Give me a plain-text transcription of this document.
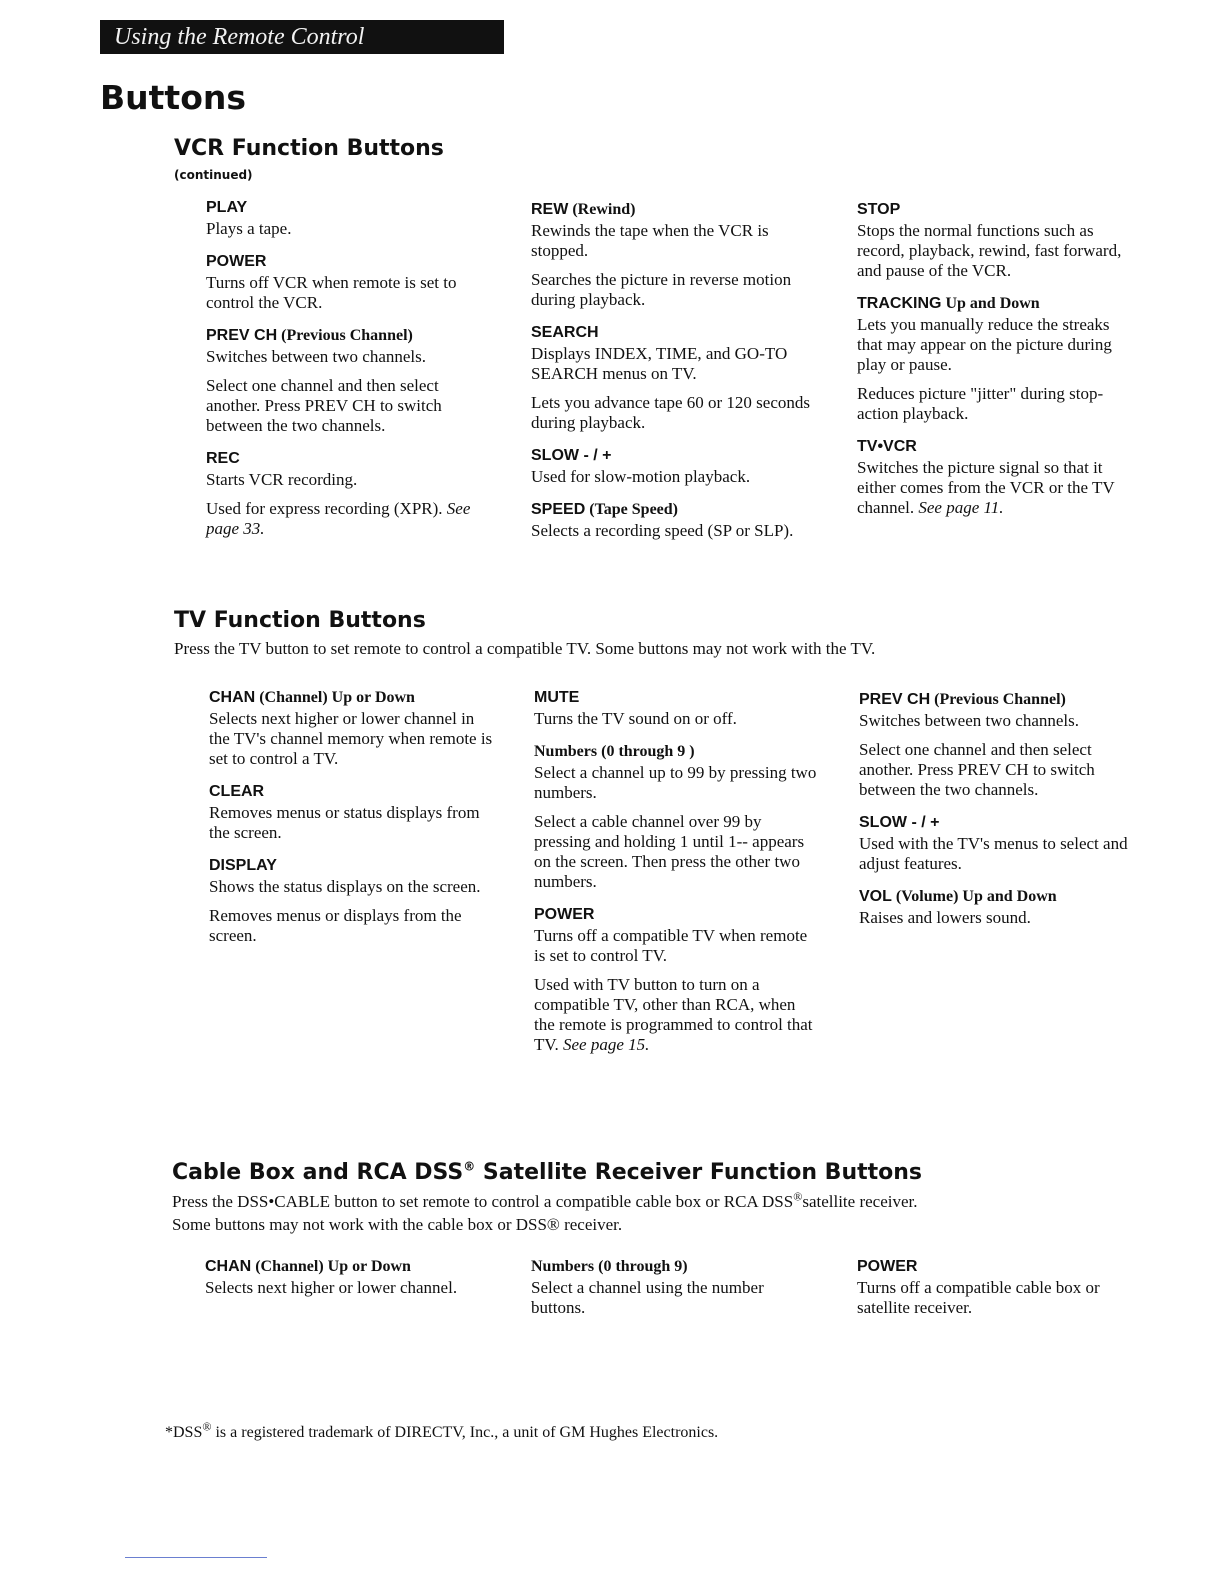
Using the Remote Control
Buttons
VCR Function Buttons
(continued)
PLAY

Plays a tape.

POWER

Turns off VCR when remote is set to control the VCR.

PREV CH (Previous Channel)

Switches between two channels.

Select one channel and then select another. Press PREV CH to switch between the two channels.

REC

Starts VCR recording.

Used for express recording (XPR). See page 33.

REW (Rewind)

Rewinds the tape when the VCR is stopped.

Searches the picture in reverse motion during playback.

SEARCH

Displays INDEX, TIME, and GO-TO SEARCH menus on TV.

Lets you advance tape 60 or 120 seconds during playback.

SLOW - / +

Used for slow-motion playback.

SPEED (Tape Speed)

Selects a recording speed (SP or SLP).

STOP

Stops the normal functions such as record, playback, rewind, fast forward, and pause of the VCR.

TRACKING Up and Down

Lets you manually reduce the streaks that may appear on the picture during play or pause.

Reduces picture "jitter" during stop-action playback.

TV•VCR

Switches the picture signal so that it either comes from the VCR or the TV channel. See page 11.

TV Function Buttons
Press the TV button to set remote to control a compatible TV. Some buttons may not work with the TV.
CHAN (Channel) Up or Down

Selects next higher or lower channel in the TV's channel memory when remote is set to control a TV.

CLEAR

Removes menus or status displays from the screen.

DISPLAY

Shows the status displays on the screen.

Removes menus or displays from the screen.

MUTE

Turns the TV sound on or off.

Numbers (0 through 9 )

Select a channel up to 99 by pressing two numbers.

Select a cable channel over 99 by pressing and holding 1 until 1-- appears on the screen. Then press the other two numbers.

POWER

Turns off a compatible TV when remote is set to control TV.

Used with TV button to turn on a compatible TV, other than RCA, when the remote is programmed to control that TV. See page 15.

PREV CH (Previous Channel)

Switches between two channels.

Select one channel and then select another. Press PREV CH to switch between the two channels.

SLOW - / +

Used with the TV's menus to select and adjust features.

VOL (Volume) Up and Down

Raises and lowers sound.

Cable Box and RCA DSS® Satellite Receiver Function Buttons
Press the DSS•CABLE button to set remote to control a compatible cable box or RCA DSS®satellite receiver.
Some buttons may not work with the cable box or DSS® receiver.
CHAN (Channel) Up or Down

Selects next higher or lower channel.

Numbers (0 through 9)

Select a channel using the number buttons.

POWER

Turns off a compatible cable box or satellite receiver.

*DSS® is a registered trademark of DIRECTV, Inc., a unit of GM Hughes Electronics.
